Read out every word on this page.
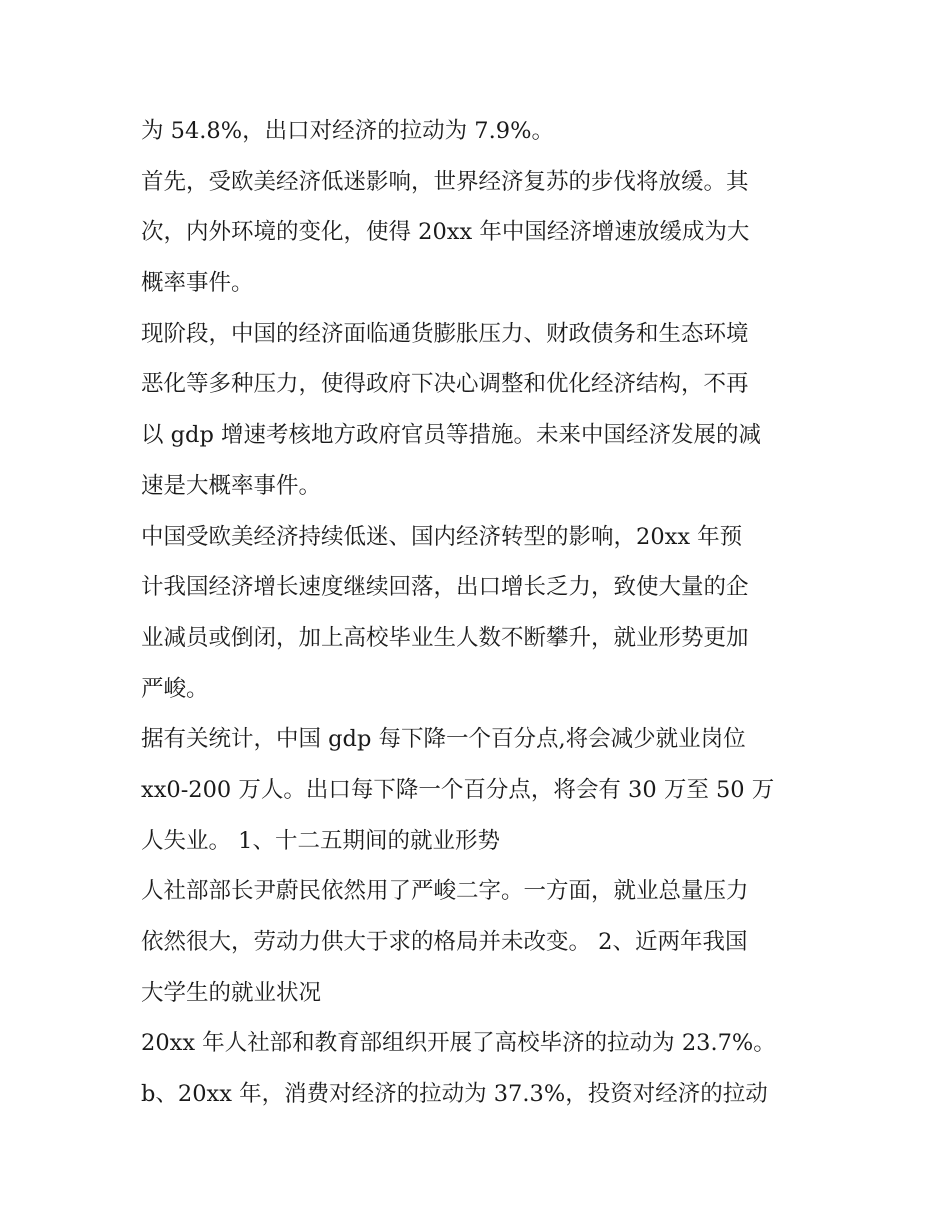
为 54.8%，出口对经济的拉动为 7.9%。
首先，受欧美经济低迷影响，世界经济复苏的步伐将放缓。其
次，内外环境的变化，使得 20xx 年中国经济增速放缓成为大
概率事件。
现阶段，中国的经济面临通货膨胀压力、财政债务和生态环境
恶化等多种压力，使得政府下决心调整和优化经济结构，不再
以 gdp 增速考核地方政府官员等措施。未来中国经济发展的减
速是大概率事件。
中国受欧美经济持续低迷、国内经济转型的影响，20xx 年预
计我国经济增长速度继续回落，出口增长乏力，致使大量的企
业减员或倒闭，加上高校毕业生人数不断攀升，就业形势更加
严峻。
据有关统计，中国 gdp 每下降一个百分点,将会减少就业岗位
xx0-200 万人。出口每下降一个百分点，将会有 30 万至 50 万
人失业。 1、十二五期间的就业形势
人社部部长尹蔚民依然用了严峻二字。一方面，就业总量压力
依然很大，劳动力供大于求的格局并未改变。 2、近两年我国
大学生的就业状况
20xx 年人社部和教育部组织开展了高校毕济的拉动为 23.7%。
b、20xx 年，消费对经济的拉动为 37.3%，投资对经济的拉动
